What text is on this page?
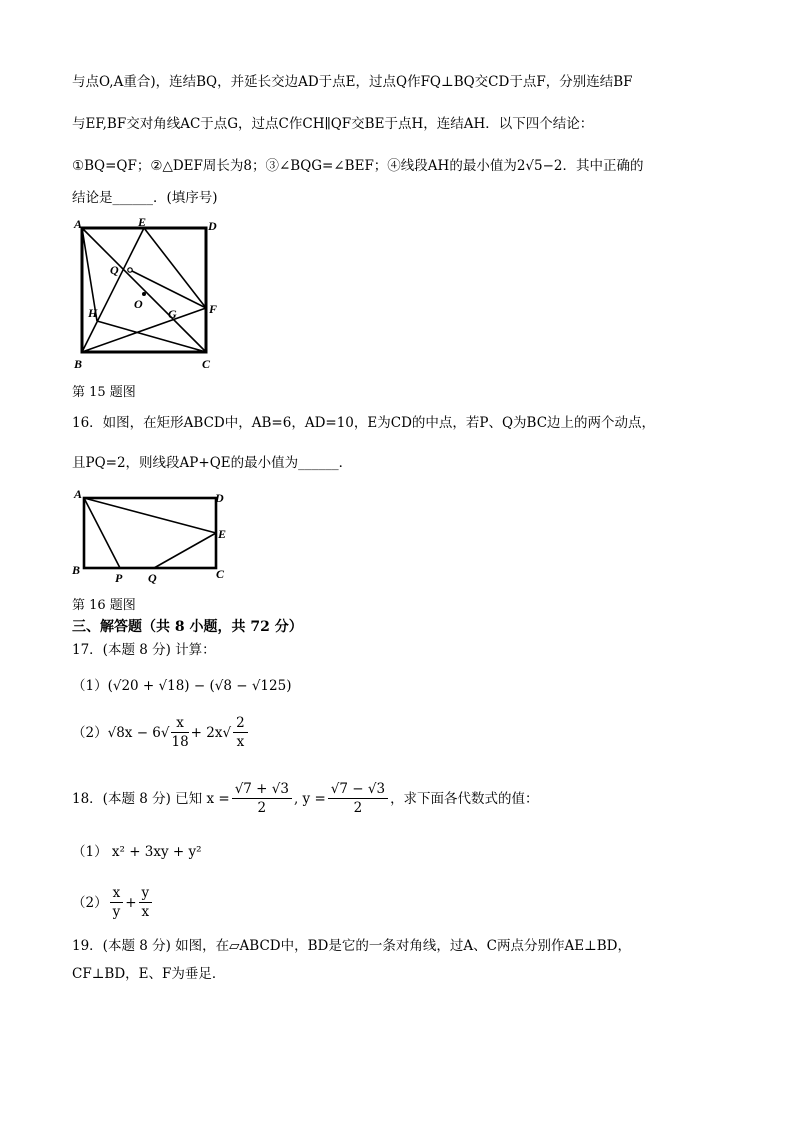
与点O,A重合)，连结BQ，并延长交边AD于点E，过点Q作FQ⊥BQ交CD于点F，分别连结BF
与EF,BF交对角线AC于点G，过点C作CH∥QF交BE于点H，连结AH．以下四个结论：
①BQ=QF；②△DEF周长为8；③∠BQG=∠BEF；④线段AH的最小值为2√5−2．其中正确的
结论是______．(填序号)
A	E	D
Q
O
H	G	F
B	C
第 15 题图
16．如图，在矩形ABCD中，AB=6，AD=10，E为CD的中点，若P、Q为BC边上的两个动点，
且PQ=2，则线段AP+QE的最小值为______．
A	D
E
B
P Q	C
第 16 题图
三、解答题（共 8 小题，共 72 分）
17．(本题 8 分) 计算：
（1）(√20 + √18) − (√8 − √125)
（2） $√8x - 6√ \frac{x}{18} + 2x√ \frac{2}{x}$
18．(本题 8 分) 已知 $x = \frac{√7 + √3}{2}$ , $y = \frac{√7 - √3}{2}$ ，求下面各代数式的值：
（1） x² + 3xy + y²
$(2) \frac{x}{y} + \frac{y}{x}$
19．(本题 8 分) 如图，在▱ABCD中，BD是它的一条对角线，过A、C两点分别作AE⊥BD，
CF⊥BD，E、F为垂足．
